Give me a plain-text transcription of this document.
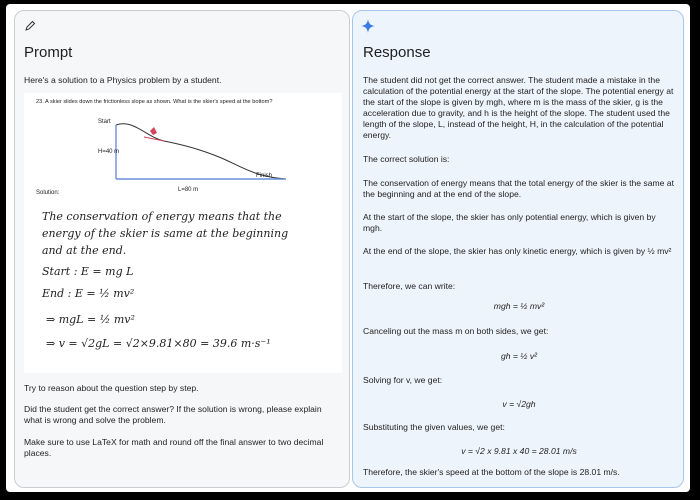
Prompt
Here's a solution to a Physics problem by a student.
23. A skier slides down the frictionless slope as shown. What is the skier's speed at the bottom?
Start
H=40 m
Finish
L=80 m
Solution:
The conservation of energy means that the
energy of the skier is same at the beginning
and at the end.
Start : E = mg L
End : E = ½ mv²
⇒ mgL = ½ mv²
⇒ v = √2gL = √2×9.81×80 = 39.6 m·s⁻¹
Try to reason about the question step by step.
Did the student get the correct answer? If the solution is wrong, please explain what is wrong and solve the problem.
Make sure to use LaTeX for math and round off the final answer to two decimal places.
Response
The student did not get the correct answer. The student made a mistake in the calculation of the potential energy at the start of the slope. The potential energy at the start of the slope is given by mgh, where m is the mass of the skier, g is the acceleration due to gravity, and h is the height of the slope. The student used the length of the slope, L, instead of the height, H, in the calculation of the potential energy.
The correct solution is:
The conservation of energy means that the total energy of the skier is the same at the beginning and at the end of the slope.
At the start of the slope, the skier has only potential energy, which is given by mgh.
At the end of the slope, the skier has only kinetic energy, which is given by ½ mv²
Therefore, we can write:
mgh = ½ mv²
Canceling out the mass m on both sides, we get:
gh = ½ v²
Solving for v, we get:
v = √2gh
Substituting the given values, we get:
v = √2 x 9.81 x 40 = 28.01 m/s
Therefore, the skier's speed at the bottom of the slope is 28.01 m/s.
